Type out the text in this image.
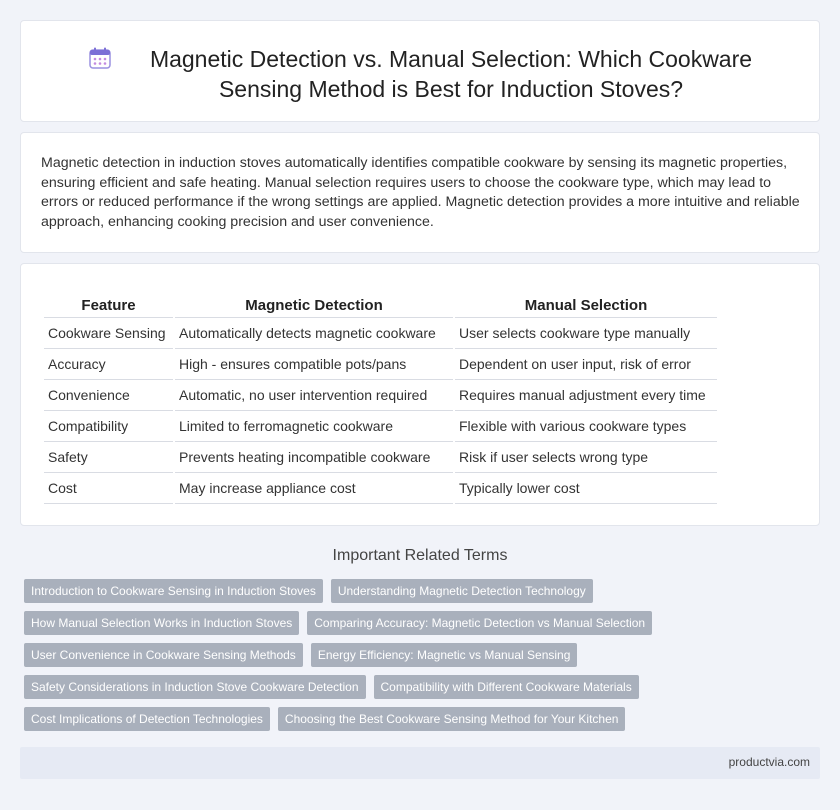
Magnetic Detection vs. Manual Selection: Which Cookware Sensing Method is Best for Induction Stoves?

Magnetic detection in induction stoves automatically identifies compatible cookware by sensing its magnetic properties, ensuring efficient and safe heating. Manual selection requires users to choose the cookware type, which may lead to errors or reduced performance if the wrong settings are applied. Magnetic detection provides a more intuitive and reliable approach, enhancing cooking precision and user convenience.

Feature	Magnetic Detection	Manual Selection
Cookware Sensing	Automatically detects magnetic cookware	User selects cookware type manually
Accuracy	High - ensures compatible pots/pans	Dependent on user input, risk of error
Convenience	Automatic, no user intervention required	Requires manual adjustment every time
Compatibility	Limited to ferromagnetic cookware	Flexible with various cookware types
Safety	Prevents heating incompatible cookware	Risk if user selects wrong type
Cost	May increase appliance cost	Typically lower cost
Important Related Terms
Introduction to Cookware Sensing in Induction Stoves	Understanding Magnetic Detection Technology
How Manual Selection Works in Induction Stoves	Comparing Accuracy: Magnetic Detection vs Manual Selection
User Convenience in Cookware Sensing Methods	Energy Efficiency: Magnetic vs Manual Sensing
Safety Considerations in Induction Stove Cookware Detection	Compatibility with Different Cookware Materials
Cost Implications of Detection Technologies	Choosing the Best Cookware Sensing Method for Your Kitchen
productvia.com
